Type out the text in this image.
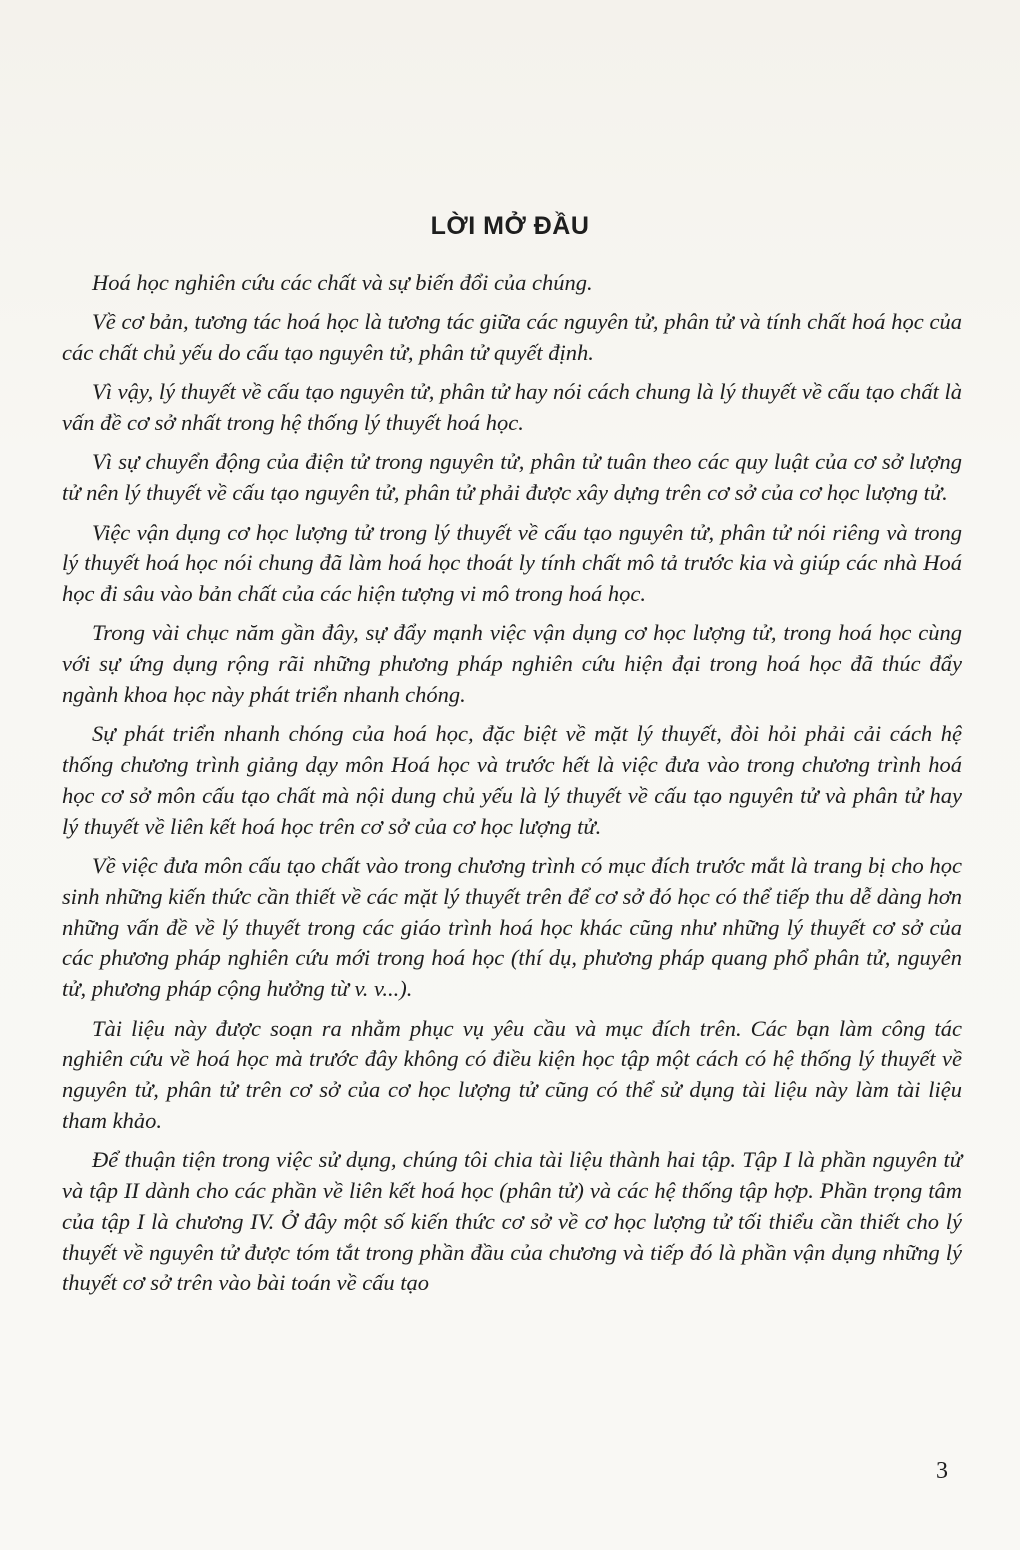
LỜI MỞ ĐẦU

Hoá học nghiên cứu các chất và sự biến đổi của chúng.

Về cơ bản, tương tác hoá học là tương tác giữa các nguyên tử, phân tử và tính chất hoá học của các chất chủ yếu do cấu tạo nguyên tử, phân tử quyết định.

Vì vậy, lý thuyết về cấu tạo nguyên tử, phân tử hay nói cách chung là lý thuyết về cấu tạo chất là vấn đề cơ sở nhất trong hệ thống lý thuyết hoá học.

Vì sự chuyển động của điện tử trong nguyên tử, phân tử tuân theo các quy luật của cơ sở lượng tử nên lý thuyết về cấu tạo nguyên tử, phân tử phải được xây dựng trên cơ sở của cơ học lượng tử.

Việc vận dụng cơ học lượng tử trong lý thuyết về cấu tạo nguyên tử, phân tử nói riêng và trong lý thuyết hoá học nói chung đã làm hoá học thoát ly tính chất mô tả trước kia và giúp các nhà Hoá học đi sâu vào bản chất của các hiện tượng vi mô trong hoá học.

Trong vài chục năm gần đây, sự đẩy mạnh việc vận dụng cơ học lượng tử, trong hoá học cùng với sự ứng dụng rộng rãi những phương pháp nghiên cứu hiện đại trong hoá học đã thúc đẩy ngành khoa học này phát triển nhanh chóng.

Sự phát triển nhanh chóng của hoá học, đặc biệt về mặt lý thuyết, đòi hỏi phải cải cách hệ thống chương trình giảng dạy môn Hoá học và trước hết là việc đưa vào trong chương trình hoá học cơ sở môn cấu tạo chất mà nội dung chủ yếu là lý thuyết về cấu tạo nguyên tử và phân tử hay lý thuyết về liên kết hoá học trên cơ sở của cơ học lượng tử.

Về việc đưa môn cấu tạo chất vào trong chương trình có mục đích trước mắt là trang bị cho học sinh những kiến thức cần thiết về các mặt lý thuyết trên để cơ sở đó học có thể tiếp thu dễ dàng hơn những vấn đề về lý thuyết trong các giáo trình hoá học khác cũng như những lý thuyết cơ sở của các phương pháp nghiên cứu mới trong hoá học (thí dụ, phương pháp quang phổ phân tử, nguyên tử, phương pháp cộng hưởng từ v. v...).

Tài liệu này được soạn ra nhằm phục vụ yêu cầu và mục đích trên. Các bạn làm công tác nghiên cứu về hoá học mà trước đây không có điều kiện học tập một cách có hệ thống lý thuyết về nguyên tử, phân tử trên cơ sở của cơ học lượng tử cũng có thể sử dụng tài liệu này làm tài liệu tham khảo.

Để thuận tiện trong việc sử dụng, chúng tôi chia tài liệu thành hai tập. Tập I là phần nguyên tử và tập II dành cho các phần về liên kết hoá học (phân tử) và các hệ thống tập hợp. Phần trọng tâm của tập I là chương IV. Ở đây một số kiến thức cơ sở về cơ học lượng tử tối thiểu cần thiết cho lý thuyết về nguyên tử được tóm tắt trong phần đầu của chương và tiếp đó là phần vận dụng những lý thuyết cơ sở trên vào bài toán về cấu tạo

3
